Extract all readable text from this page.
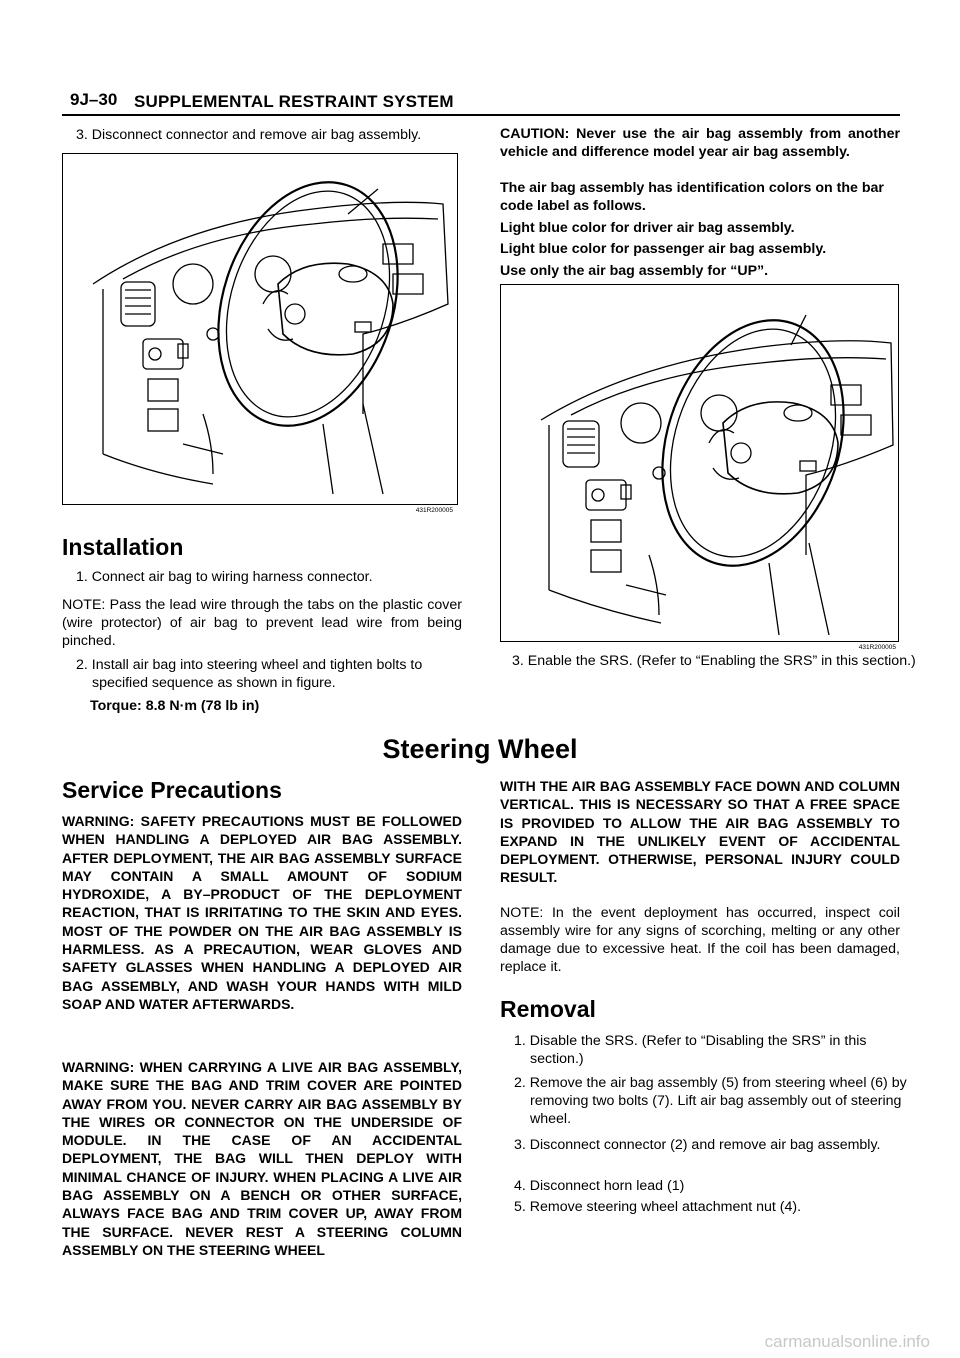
9J–30 SUPPLEMENTAL RESTRAINT SYSTEM
3. Disconnect connector and remove air bag assembly.
431R200005
Installation
1. Connect air bag to wiring harness connector.
NOTE: Pass the lead wire through the tabs on the plastic cover (wire protector) of air bag to prevent lead wire from being pinched.
2. Install air bag into steering wheel and tighten bolts to specified sequence as shown in figure.
Torque: 8.8 N·m (78 lb in)
CAUTION: Never use the air bag assembly from another vehicle and difference model year air bag assembly.
The air bag assembly has identification colors on the bar code label as follows.
Light blue color for driver air bag assembly.
Light blue color for passenger air bag assembly.
Use only the air bag assembly for “UP”.
431R200005
3. Enable the SRS. (Refer to “Enabling the SRS” in this section.)
Steering Wheel
Service Precautions
WARNING: SAFETY PRECAUTIONS MUST BE FOLLOWED WHEN HANDLING A DEPLOYED AIR BAG ASSEMBLY. AFTER DEPLOYMENT, THE AIR BAG ASSEMBLY SURFACE MAY CONTAIN A SMALL AMOUNT OF SODIUM HYDROXIDE, A BY–PRODUCT OF THE DEPLOYMENT REACTION, THAT IS IRRITATING TO THE SKIN AND EYES. MOST OF THE POWDER ON THE AIR BAG ASSEMBLY IS HARMLESS. AS A PRECAUTION, WEAR GLOVES AND SAFETY GLASSES WHEN HANDLING A DEPLOYED AIR BAG ASSEMBLY, AND WASH YOUR HANDS WITH MILD SOAP AND WATER AFTERWARDS.
WARNING: WHEN CARRYING A LIVE AIR BAG ASSEMBLY, MAKE SURE THE BAG AND TRIM COVER ARE POINTED AWAY FROM YOU. NEVER CARRY AIR BAG ASSEMBLY BY THE WIRES OR CONNECTOR ON THE UNDERSIDE OF MODULE. IN THE CASE OF AN ACCIDENTAL DEPLOYMENT, THE BAG WILL THEN DEPLOY WITH MINIMAL CHANCE OF INJURY. WHEN PLACING A LIVE AIR BAG ASSEMBLY ON A BENCH OR OTHER SURFACE, ALWAYS FACE BAG AND TRIM COVER UP, AWAY FROM THE SURFACE. NEVER REST A STEERING COLUMN ASSEMBLY ON THE STEERING WHEEL
WITH THE AIR BAG ASSEMBLY FACE DOWN AND COLUMN VERTICAL. THIS IS NECESSARY SO THAT A FREE SPACE IS PROVIDED TO ALLOW THE AIR BAG ASSEMBLY TO EXPAND IN THE UNLIKELY EVENT OF ACCIDENTAL DEPLOYMENT. OTHERWISE, PERSONAL INJURY COULD RESULT.
NOTE: In the event deployment has occurred, inspect coil assembly wire for any signs of scorching, melting or any other damage due to excessive heat. If the coil has been damaged, replace it.
Removal
1. Disable the SRS. (Refer to “Disabling the SRS” in this section.)
2. Remove the air bag assembly (5) from steering wheel (6) by removing two bolts (7). Lift air bag assembly out of steering wheel.
3. Disconnect connector (2) and remove air bag assembly.
4. Disconnect horn lead (1)
5. Remove steering wheel attachment nut (4).
carmanualsonline.info
